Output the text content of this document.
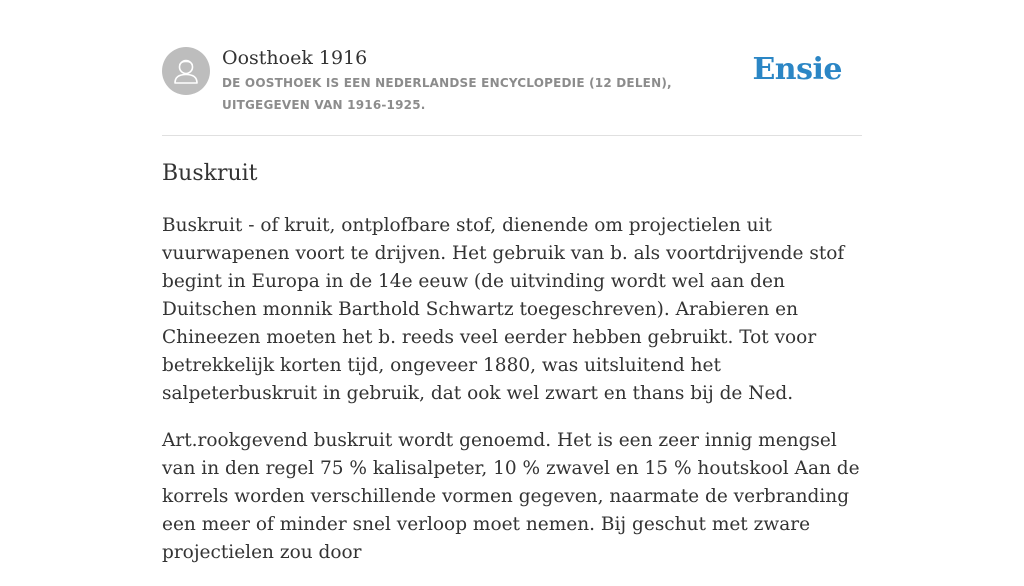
Oosthoek 1916
DE OOSTHOEK IS EEN NEDERLANDSE ENCYCLOPEDIE (12 DELEN), UITGEGEVEN VAN 1916-1925.
Ensie
Buskruit

Buskruit - of kruit, ontplofbare stof, dienende om projectielen uit vuurwapenen voort te drijven. Het gebruik van b. als voortdrijvende stof begint in Europa in de 14e eeuw (de uitvinding wordt wel aan den Duitschen monnik Barthold Schwartz toegeschreven). Arabieren en Chineezen moeten het b. reeds veel eerder hebben gebruikt. Tot voor betrekkelijk korten tijd, ongeveer 1880, was uitsluitend het salpeterbuskruit in gebruik, dat ook wel zwart en thans bij de Ned.

Art.rookgevend buskruit wordt genoemd. Het is een zeer innig mengsel van in den regel 75 % kalisalpeter, 10 % zwavel en 15 % houtskool Aan de korrels worden verschillende vormen gegeven, naarmate de verbranding een meer of minder snel verloop moet nemen. Bij geschut met zware projectielen zou door
